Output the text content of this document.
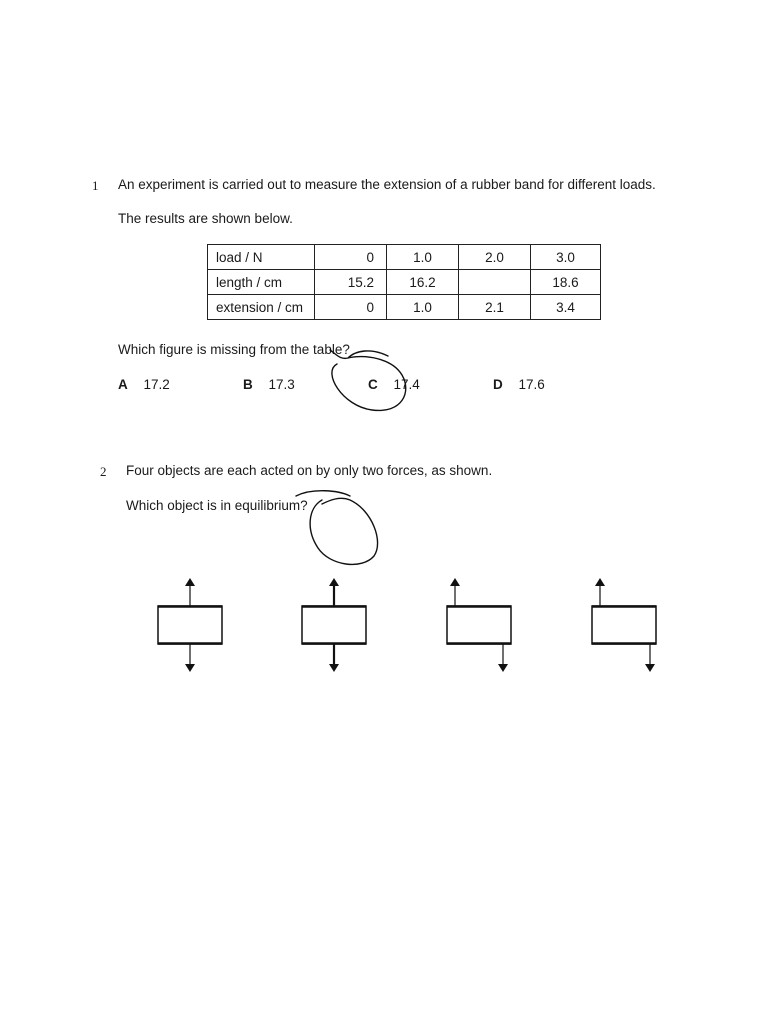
1 An experiment is carried out to measure the extension of a rubber band for different loads.
The results are shown below.
load / N	0	1.0	2.0	3.0
length / cm	15.2	16.2		18.6
extension / cm	0	1.0	2.1	3.4
Which figure is missing from the table?
A 17.2	B 17.3	C 17.4	D 17.6
2 Four objects are each acted on by only two forces, as shown.
Which object is in equilibrium?
